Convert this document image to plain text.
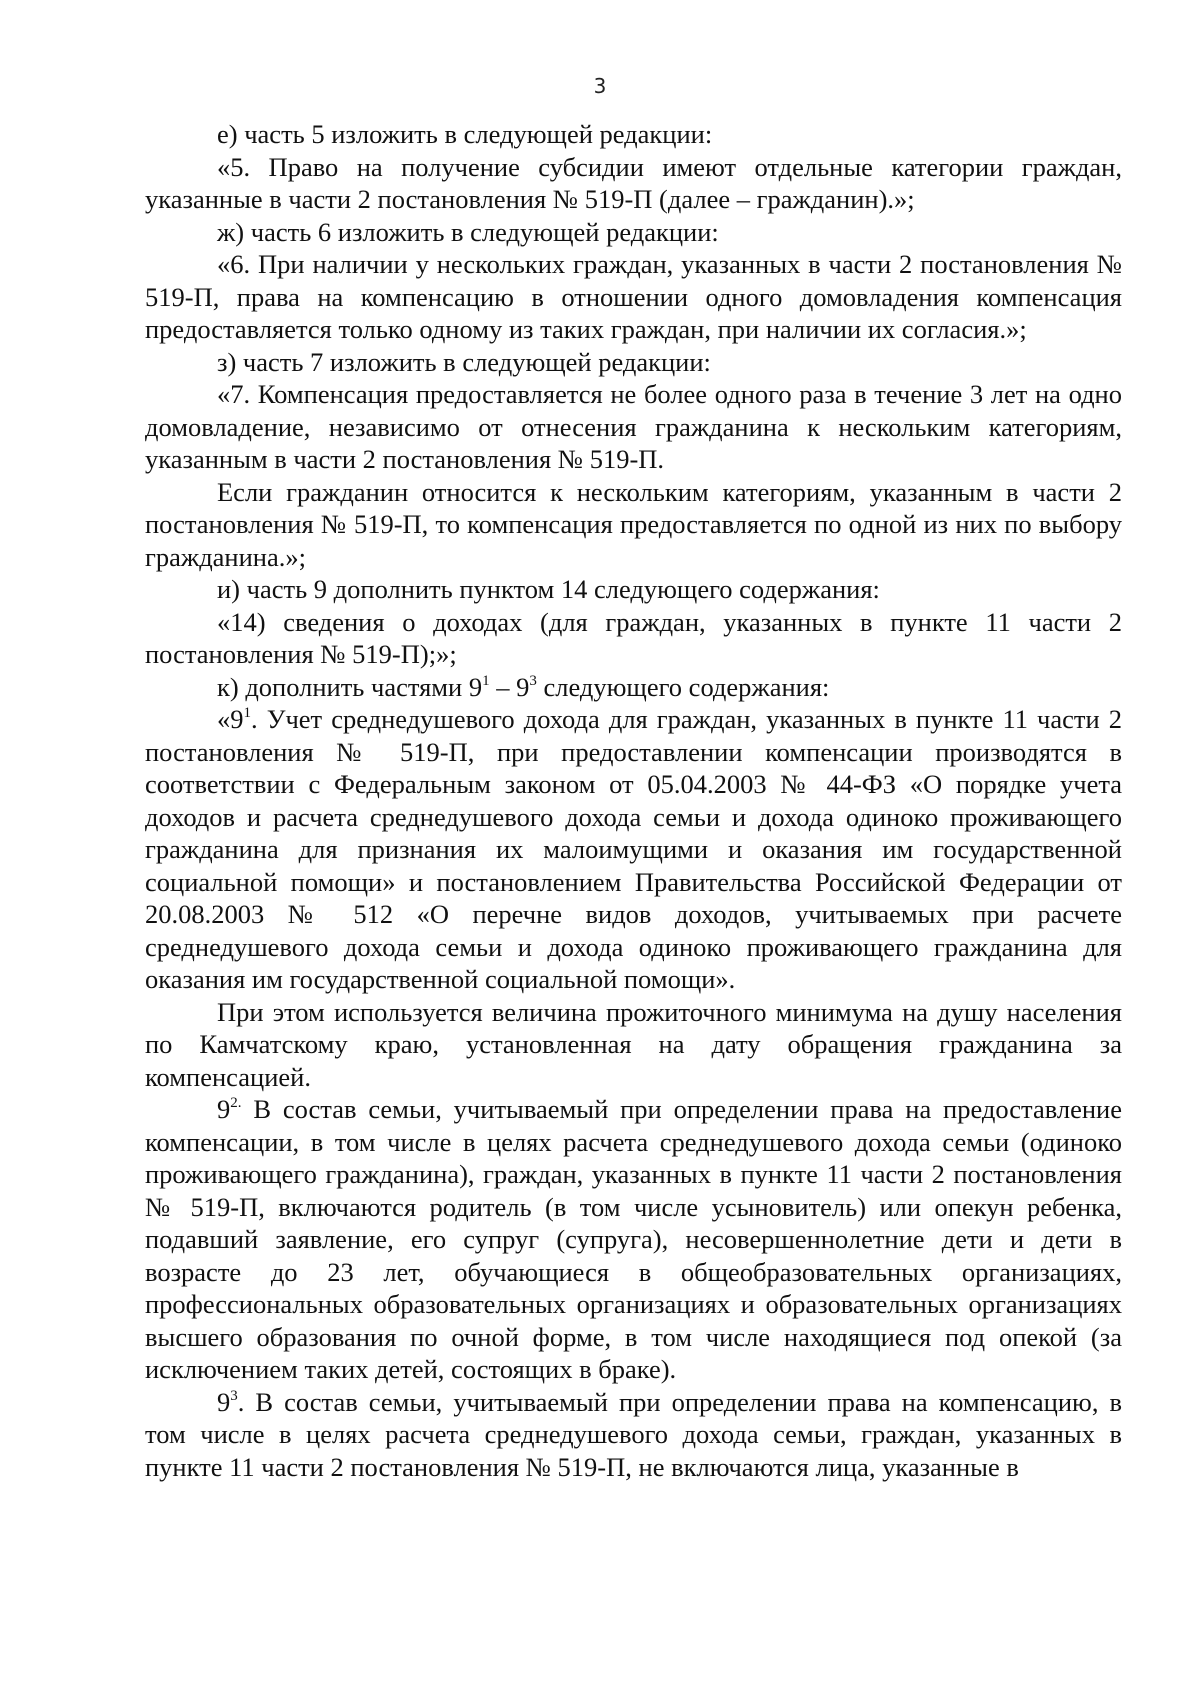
3

е) часть 5 изложить в следующей редакции:

«5. Право на получение субсидии имеют отдельные категории граждан, указанные в части 2 постановления № 519-П (далее – гражданин).»;

ж) часть 6 изложить в следующей редакции:

«6. При наличии у нескольких граждан, указанных в части 2 постановления № 519-П, права на компенсацию в отношении одного домовладения компенсация предоставляется только одному из таких граждан, при наличии их согласия.»;

з) часть 7 изложить в следующей редакции:

«7. Компенсация предоставляется не более одного раза в течение 3 лет на одно домовладение, независимо от отнесения гражданина к нескольким категориям, указанным в части 2 постановления № 519-П.

Если гражданин относится к нескольким категориям, указанным в части 2 постановления № 519-П, то компенсация предоставляется по одной из них по выбору гражданина.»;

и) часть 9 дополнить пунктом 14 следующего содержания:

«14) сведения о доходах (для граждан, указанных в пункте 11 части 2 постановления № 519-П);»;

к) дополнить частями $9^1 - 9^3$ следующего содержания:

«$9^1$. Учет среднедушевого дохода для граждан, указанных в пункте 11 части 2 постановления № 519-П, при предоставлении компенсации производятся в соответствии с Федеральным законом от 05.04.2003 № 44-ФЗ «О порядке учета доходов и расчета среднедушевого дохода семьи и дохода одиноко проживающего гражданина для признания их малоимущими и оказания им государственной социальной помощи» и постановлением Правительства Российской Федерации от 20.08.2003 № 512 «О перечне видов доходов, учитываемых при расчете среднедушевого дохода семьи и дохода одиноко проживающего гражданина для оказания им государственной социальной помощи».

При этом используется величина прожиточного минимума на душу населения по Камчатскому краю, установленная на дату обращения гражданина за компенсацией.

$9^{2.}$ В состав семьи, учитываемый при определении права на предоставление компенсации, в том числе в целях расчета среднедушевого дохода семьи (одиноко проживающего гражданина), граждан, указанных в пункте 11 части 2 постановления № 519-П, включаются родитель (в том числе усыновитель) или опекун ребенка, подавший заявление, его супруг (супруга), несовершеннолетние дети и дети в возрасте до 23 лет, обучающиеся в общеобразовательных организациях, профессиональных образовательных организациях и образовательных организациях высшего образования по очной форме, в том числе находящиеся под опекой (за исключением таких детей, состоящих в браке).

$9^3$. В состав семьи, учитываемый при определении права на компенсацию, в том числе в целях расчета среднедушевого дохода семьи, граждан, указанных в пункте 11 части 2 постановления № 519-П, не включаются лица, указанные в
